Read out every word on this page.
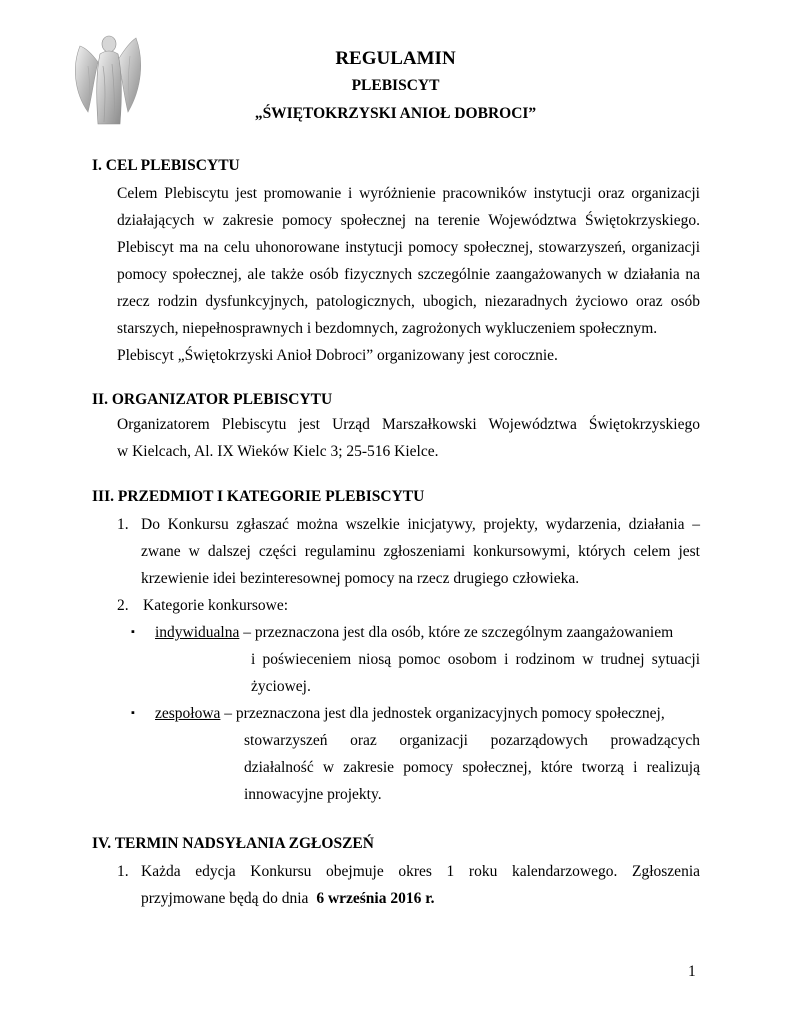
REGULAMIN
PLEBISCYT
„ŚWIĘTOKRZYSKI ANIOŁ DOBROCI”
I. CEL PLEBISCYTU
Celem Plebiscytu jest promowanie i wyróżnienie pracowników instytucji oraz organizacji
działających w zakresie pomocy społecznej na terenie Województwa Świętokrzyskiego.
Plebiscyt ma na celu uhonorowane instytucji pomocy społecznej, stowarzyszeń, organizacji
pomocy społecznej, ale także osób fizycznych szczególnie zaangażowanych w działania na
rzecz rodzin dysfunkcyjnych, patologicznych, ubogich, niezaradnych życiowo oraz osób
starszych, niepełnosprawnych i bezdomnych, zagrożonych wykluczeniem społecznym.
Plebiscyt „Świętokrzyski Anioł Dobroci” organizowany jest corocznie.
II. ORGANIZATOR PLEBISCYTU
Organizatorem Plebiscytu jest Urząd Marszałkowski Województwa Świętokrzyskiego
w Kielcach, Al. IX Wieków Kielc 3; 25-516 Kielce.
III. PRZEDMIOT I KATEGORIE PLEBISCYTU
1. Do Konkursu zgłaszać można wszelkie inicjatywy, projekty, wydarzenia, działania –
zwane w dalszej części regulaminu zgłoszeniami konkursowymi, których celem jest
krzewienie idei bezinteresownej pomocy na rzecz drugiego człowieka.
2. Kategorie konkursowe:
▪ indywidualna – przeznaczona jest dla osób, które ze szczególnym zaangażowaniem
i poświeceniem niosą pomoc osobom i rodzinom w trudnej sytuacji
życiowej.
▪ zespołowa – przeznaczona jest dla jednostek organizacyjnych pomocy społecznej,
stowarzyszeń oraz organizacji pozarządowych prowadzących
działalność w zakresie pomocy społecznej, które tworzą i realizują
innowacyjne projekty.
IV. TERMIN NADSYŁANIA ZGŁOSZEŃ
1. Każda edycja Konkursu obejmuje okres 1 roku kalendarzowego. Zgłoszenia
przyjmowane będą do dnia 6 września 2016 r.
1
